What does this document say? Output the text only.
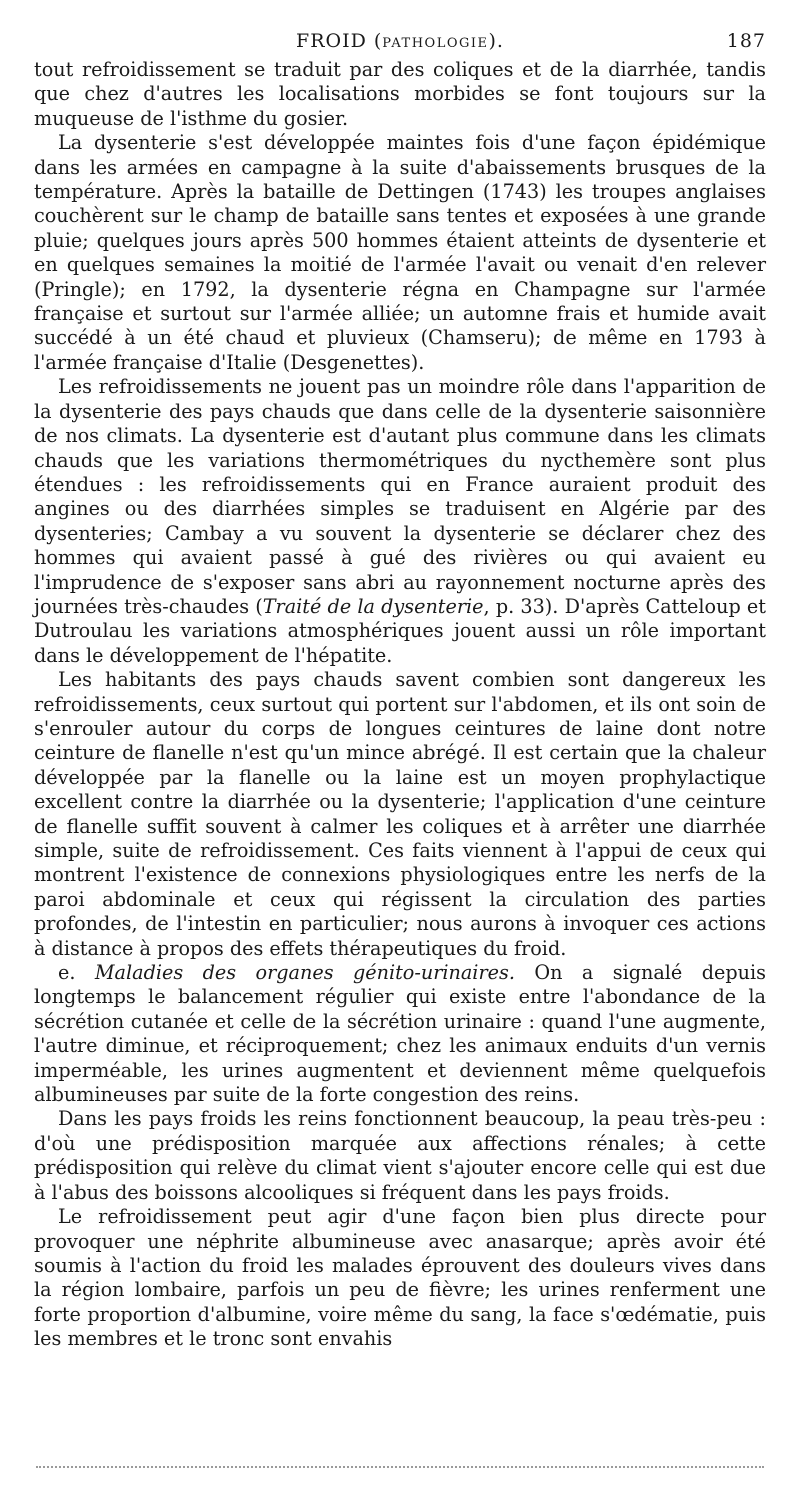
FROID (PATHOLOGIE).	187

tout refroidissement se traduit par des coliques et de la diarrhée, tandis que chez d'autres les localisations morbides se font toujours sur la muqueuse de l'isthme du gosier.

La dysenterie s'est développée maintes fois d'une façon épidémique dans les armées en campagne à la suite d'abaissements brusques de la température. Après la bataille de Dettingen (1743) les troupes anglaises couchèrent sur le champ de bataille sans tentes et exposées à une grande pluie; quelques jours après 500 hommes étaient atteints de dysenterie et en quelques semaines la moitié de l'armée l'avait ou venait d'en relever (Pringle); en 1792, la dysenterie régna en Champagne sur l'armée française et surtout sur l'armée alliée; un automne frais et humide avait succédé à un été chaud et pluvieux (Chamseru); de même en 1793 à l'armée française d'Italie (Desgenettes).

Les refroidissements ne jouent pas un moindre rôle dans l'apparition de la dysenterie des pays chauds que dans celle de la dysenterie saisonnière de nos climats. La dysenterie est d'autant plus commune dans les climats chauds que les variations thermométriques du nycthemère sont plus étendues : les refroidissements qui en France auraient produit des angines ou des diarrhées simples se traduisent en Algérie par des dysenteries; Cambay a vu souvent la dysenterie se déclarer chez des hommes qui avaient passé à gué des rivières ou qui avaient eu l'imprudence de s'exposer sans abri au rayonnement nocturne après des journées très-chaudes (Traité de la dysenterie, p. 33). D'après Catteloup et Dutroulau les variations atmosphériques jouent aussi un rôle important dans le développement de l'hépatite.

Les habitants des pays chauds savent combien sont dangereux les refroidissements, ceux surtout qui portent sur l'abdomen, et ils ont soin de s'enrouler autour du corps de longues ceintures de laine dont notre ceinture de flanelle n'est qu'un mince abrégé. Il est certain que la chaleur développée par la flanelle ou la laine est un moyen prophylactique excellent contre la diarrhée ou la dysenterie; l'application d'une ceinture de flanelle suffit souvent à calmer les coliques et à arrêter une diarrhée simple, suite de refroidissement. Ces faits viennent à l'appui de ceux qui montrent l'existence de connexions physiologiques entre les nerfs de la paroi abdominale et ceux qui régissent la circulation des parties profondes, de l'intestin en particulier; nous aurons à invoquer ces actions à distance à propos des effets thérapeutiques du froid.

e. Maladies des organes génito-urinaires. On a signalé depuis longtemps le balancement régulier qui existe entre l'abondance de la sécrétion cutanée et celle de la sécrétion urinaire : quand l'une augmente, l'autre diminue, et réciproquement; chez les animaux enduits d'un vernis imperméable, les urines augmentent et deviennent même quelquefois albumineuses par suite de la forte congestion des reins.

Dans les pays froids les reins fonctionnent beaucoup, la peau très-peu : d'où une prédisposition marquée aux affections rénales; à cette prédisposition qui relève du climat vient s'ajouter encore celle qui est due à l'abus des boissons alcooliques si fréquent dans les pays froids.

Le refroidissement peut agir d'une façon bien plus directe pour provoquer une néphrite albumineuse avec anasarque; après avoir été soumis à l'action du froid les malades éprouvent des douleurs vives dans la région lombaire, parfois un peu de fièvre; les urines renferment une forte proportion d'albumine, voire même du sang, la face s'œdématie, puis les membres et le tronc sont envahis
